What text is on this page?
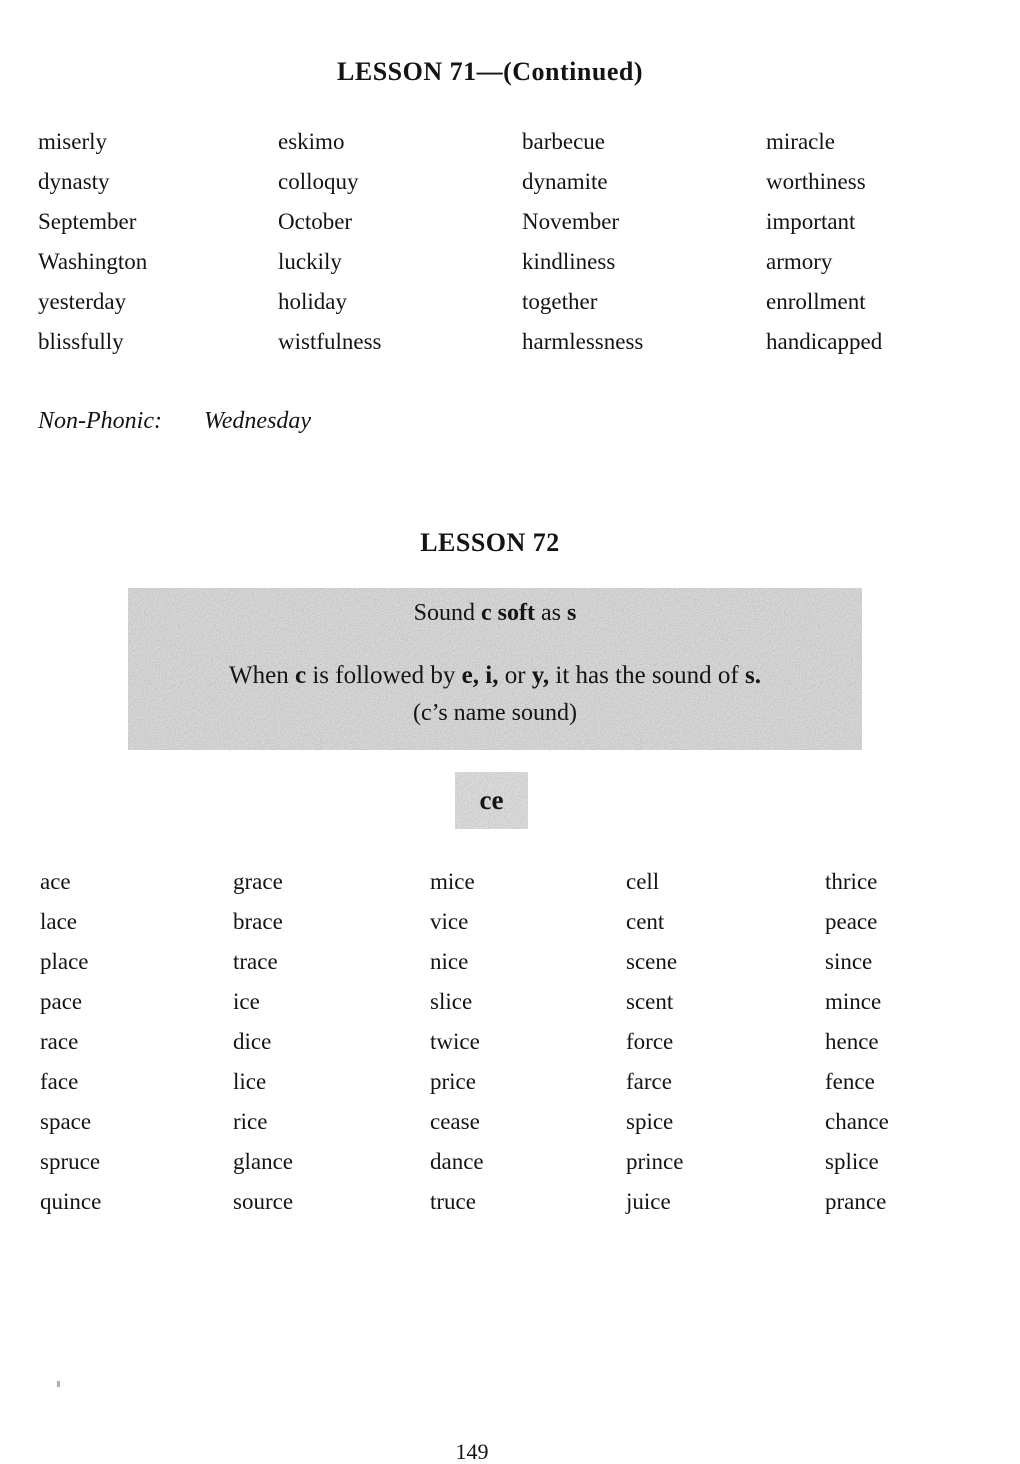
LESSON 71—(Continued)
miserly	eskimo	barbecue	miracle
dynasty	colloquy	dynamite	worthiness
September	October	November	important
Washington	luckily	kindliness	armory
yesterday	holiday	together	enrollment
blissfully	wistfulness	harmlessness	handicapped
Non-Phonic: Wednesday
LESSON 72
Sound c soft as s
When c is followed by e, i, or y, it has the sound of s.
(c’s name sound)
ce
ace	grace	mice	cell	thrice
lace	brace	vice	cent	peace
place	trace	nice	scene	since
pace	ice	slice	scent	mince
race	dice	twice	force	hence
face	lice	price	farce	fence
space	rice	cease	spice	chance
spruce	glance	dance	prince	splice
quince	source	truce	juice	prance
149
